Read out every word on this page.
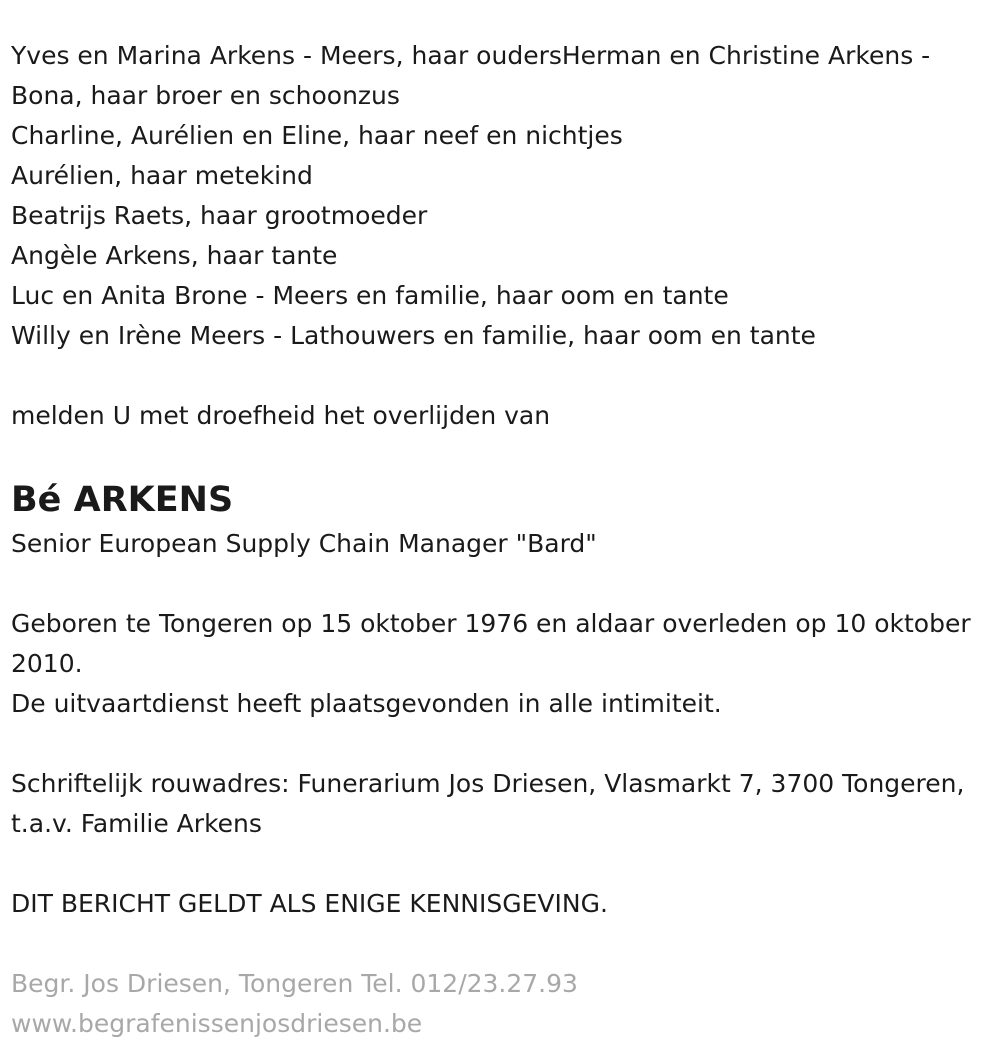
Yves en Marina Arkens - Meers, haar oudersHerman en Christine Arkens - Bona, haar broer en schoonzus
Charline, Aurélien en Eline, haar neef en nichtjes
Aurélien, haar metekind
Beatrijs Raets, haar grootmoeder
Angèle Arkens, haar tante
Luc en Anita Brone - Meers en familie, haar oom en tante
Willy en Irène Meers - Lathouwers en familie, haar oom en tante
melden U met droefheid het overlijden van
Bé ARKENS
Senior European Supply Chain Manager "Bard"
Geboren te Tongeren op 15 oktober 1976 en aldaar overleden op 10 oktober 2010.
De uitvaartdienst heeft plaatsgevonden in alle intimiteit.
Schriftelijk rouwadres: Funerarium Jos Driesen, Vlasmarkt 7, 3700 Tongeren, t.a.v. Familie Arkens
DIT BERICHT GELDT ALS ENIGE KENNISGEVING.
Begr. Jos Driesen, Tongeren Tel. 012/23.27.93
www.begrafenissenjosdriesen.be
